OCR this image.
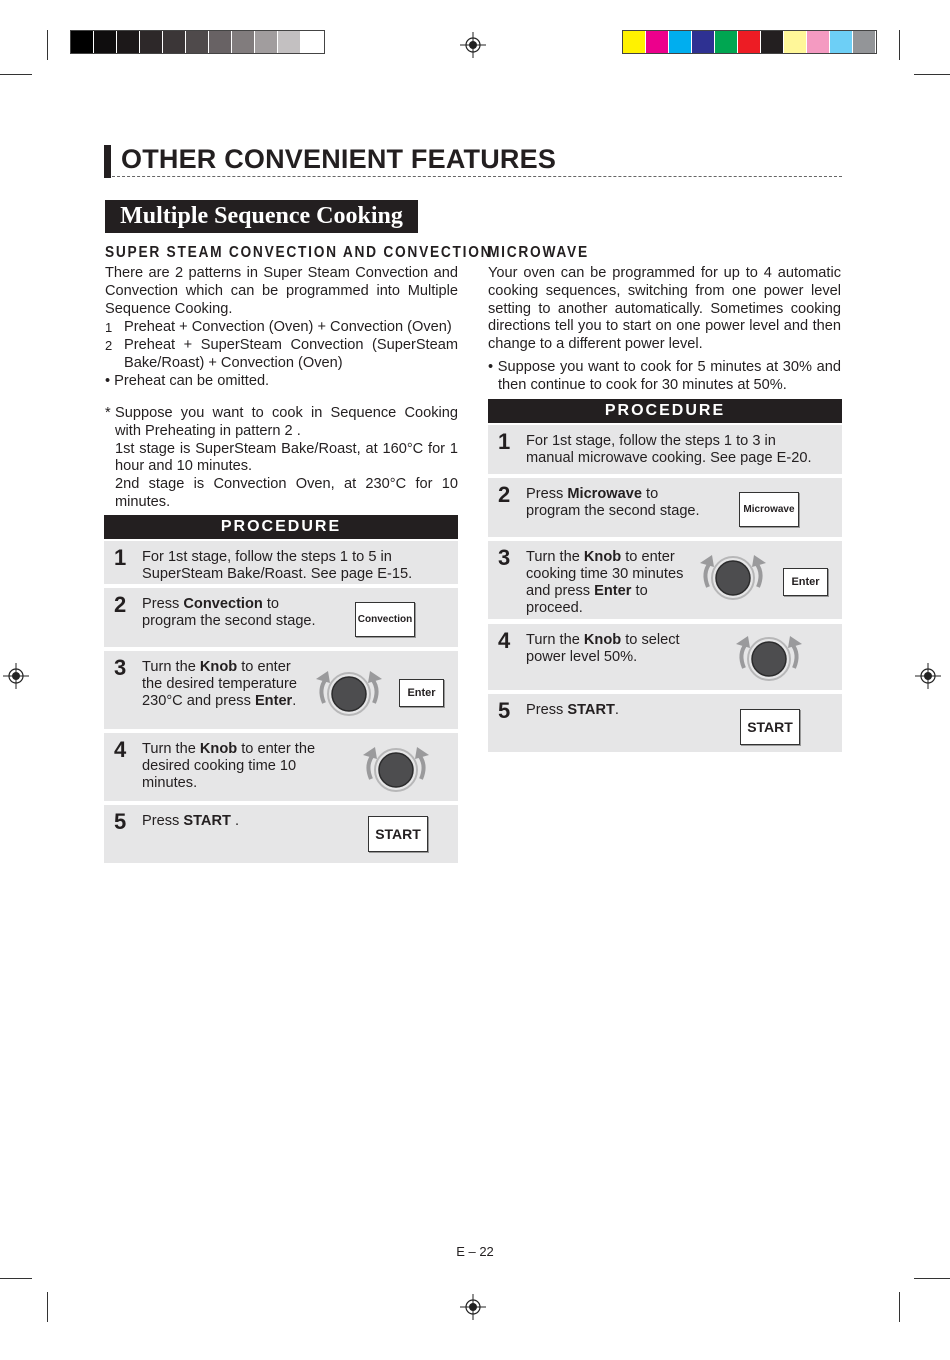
OTHER CONVENIENT FEATURES
Multiple Sequence Cooking
SUPER STEAM CONVECTION AND CONVECTION

There are 2 patterns in Super Steam Convection and Convection which can be programmed into Multiple Sequence Cooking.

1 Preheat + Convection (Oven) + Convection (Oven)

2 Preheat + SuperSteam Convection (SuperSteam Bake/Roast) + Convection (Oven)

• Preheat can be omitted.
* Suppose you want to cook in Sequence Cooking with Preheating in pattern 2 .

1st stage is SuperSteam Bake/Roast, at 160°C for 1 hour and 10 minutes.

2nd stage is Convection Oven, at 230°C for 10 minutes.

PROCEDURE
1 For 1st stage, follow the steps 1 to 5 in SuperSteam Bake/Roast. See page E-15.
2 Press Convection to program the second stage.	Convection
3 Turn the Knob to enter the desired temperature 230°C and press Enter.	Enter
4 Turn the Knob to enter the desired cooking time 10 minutes.
5 Press START .
START
MICROWAVE

Your oven can be programmed for up to 4 automatic cooking sequences, switching from one power level setting to another automatically. Sometimes cooking directions tell you to start on one power level and then change to a different power level.

• Suppose you want to cook for 5 minutes at 30% and then continue to cook for 30 minutes at 50%.
PROCEDURE
1 For 1st stage, follow the steps 1 to 3 in manual microwave cooking. See page E-20.
2 Press Microwave to program the second stage.	Microwave
3 Turn the Knob to enter cooking time 30 minutes and press Enter to proceed.
Enter
4 Turn the Knob to select power level 50%.
5 Press START.
START
E – 22
